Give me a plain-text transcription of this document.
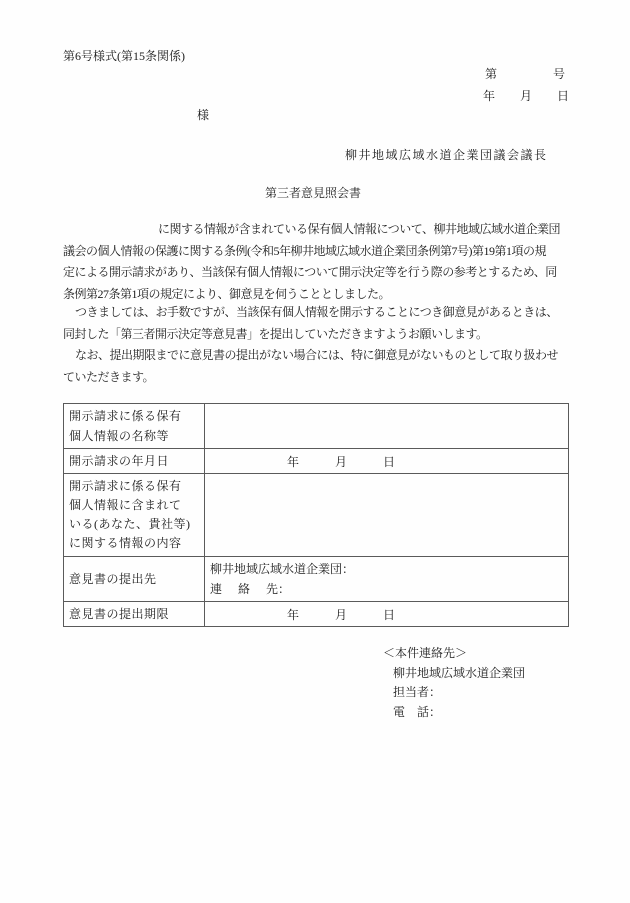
第6号様式(第15条関係)
第	号
年 月 日
様
柳井地域広域水道企業団議会議長
第三者意見照会書
に関する情報が含まれている保有個人情報について、柳井地域広域水道企業団
議会の個人情報の保護に関する条例(令和5年柳井地域広域水道企業団条例第7号)第19第1項の規
定による開示請求があり、当該保有個人情報について開示決定等を行う際の参考とするため、同
条例第27条第1項の規定により、御意見を伺うこととしました。
つきましては、お手数ですが、当該保有個人情報を開示することにつき御意見があるときは、
同封した「第三者開示決定等意見書」を提出していただきますようお願いします。
なお、提出期限までに意見書の提出がない場合には、特に御意見がないものとして取り扱わせ
ていただきます。
開示請求に係る保有
個人情報の名称等	

開示請求の年月日	年 月 日

開示請求に係る保有
個人情報に含まれて
いる(あなた、貴社等)
に関する情報の内容	

意見書の提出先	柳井地域広域水道企業団：
連 絡 先：

意見書の提出期限	年 月 日
＜本件連絡先＞
柳井地域広域水道企業団
担当者：
電 話：
